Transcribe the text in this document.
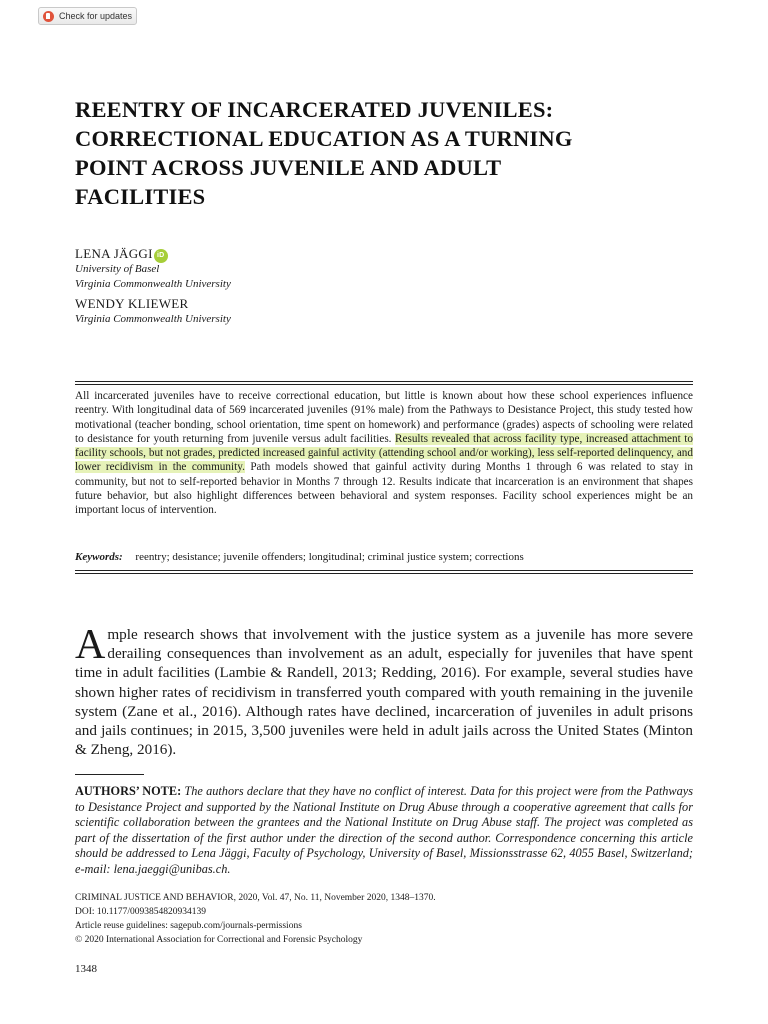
Check for updates
REENTRY OF INCARCERATED JUVENILES:
CORRECTIONAL EDUCATION AS A TURNING
POINT ACROSS JUVENILE AND ADULT
FACILITIES
LENA JÄGGI iD
University of Basel
Virginia Commonwealth University
WENDY KLIEWER
Virginia Commonwealth University

All incarcerated juveniles have to receive correctional education, but little is known about how these school experiences influence reentry. With longitudinal data of 569 incarcerated juveniles (91% male) from the Pathways to Desistance Project, this study tested how motivational (teacher bonding, school orientation, time spent on homework) and performance (grades) aspects of schooling were related to desistance for youth returning from juvenile versus adult facilities. Results revealed that across facility type, increased attachment to facility schools, but not grades, predicted increased gainful activity (attending school and/or working), less self-reported delinquency, and lower recidivism in the community. Path models showed that gainful activity during Months 1 through 6 was related to stay in community, but not to self-reported behavior in Months 7 through 12. Results indicate that incarceration is an environment that shapes future behavior, but also highlight differences between behavioral and system responses. Facility school experiences might be an important locus of intervention.

Keywords: reentry; desistance; juvenile offenders; longitudinal; criminal justice system; corrections

Ample research shows that involvement with the justice system as a juvenile has more severe derailing consequences than involvement as an adult, especially for juveniles that have spent time in adult facilities (Lambie & Randell, 2013; Redding, 2016). For example, several studies have shown higher rates of recidivism in transferred youth compared with youth remaining in the juvenile system (Zane et al., 2016). Although rates have declined, incarceration of juveniles in adult prisons and jails continues; in 2015, 3,500 juveniles were held in adult jails across the United States (Minton & Zheng, 2016).

AUTHORS’ NOTE: The authors declare that they have no conflict of interest. Data for this project were from the Pathways to Desistance Project and supported by the National Institute on Drug Abuse through a cooperative agreement that calls for scientific collaboration between the grantees and the National Institute on Drug Abuse staff. The project was completed as part of the dissertation of the first author under the direction of the second author. Correspondence concerning this article should be addressed to Lena Jäggi, Faculty of Psychology, University of Basel, Missionsstrasse 62, 4055 Basel, Switzerland; e-mail: lena.jaeggi@unibas.ch.

CRIMINAL JUSTICE AND BEHAVIOR, 2020, Vol. 47, No. 11, November 2020, 1348–1370.
DOI: 10.1177/0093854820934139
Article reuse guidelines: sagepub.com/journals-permissions
© 2020 International Association for Correctional and Forensic Psychology
1348
